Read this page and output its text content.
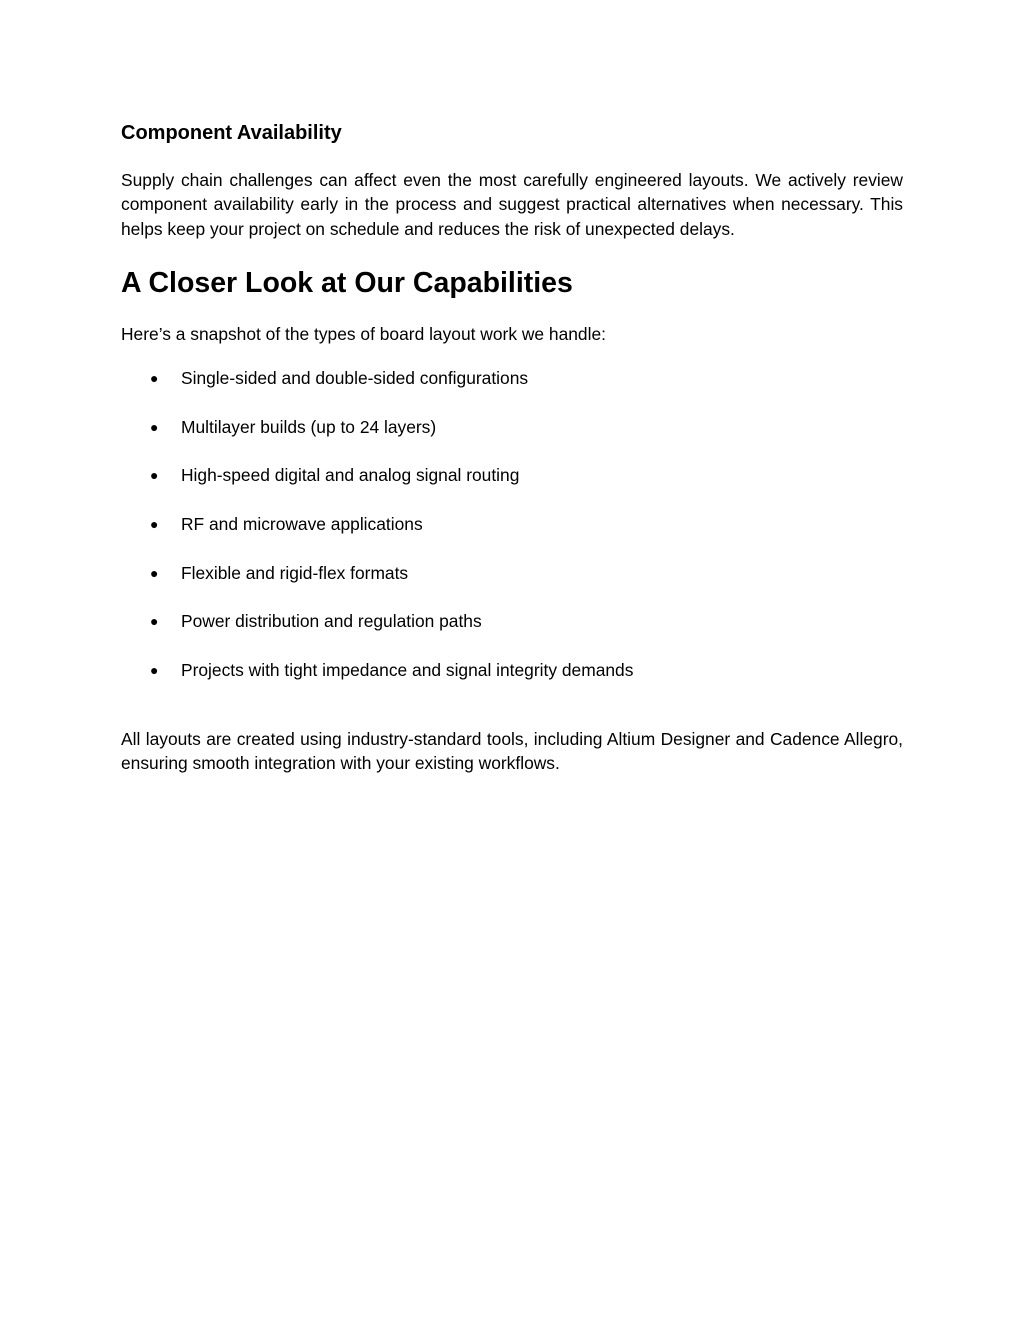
Component Availability

Supply chain challenges can affect even the most carefully engineered layouts. We actively review component availability early in the process and suggest practical alternatives when necessary. This helps keep your project on schedule and reduces the risk of unexpected delays.

A Closer Look at Our Capabilities

Here’s a snapshot of the types of board layout work we handle:

● Single-sided and double-sided configurations
● Multilayer builds (up to 24 layers)
● High-speed digital and analog signal routing
● RF and microwave applications
● Flexible and rigid-flex formats
● Power distribution and regulation paths
● Projects with tight impedance and signal integrity demands

All layouts are created using industry-standard tools, including Altium Designer and Cadence Allegro, ensuring smooth integration with your existing workflows.
